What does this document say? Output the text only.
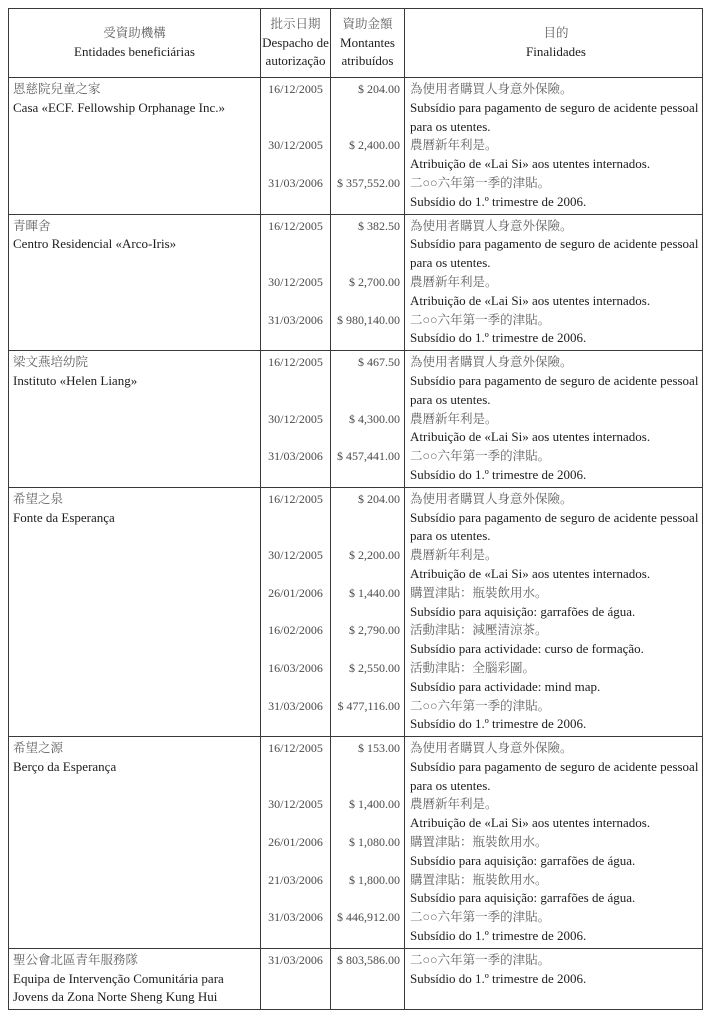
受資助機構
Entidades beneficiárias
批示日期
Despacho de
autorização
資助金額
Montantes
atribuídos
目的
Finalidades
恩慈院兒童之家
Casa «ECF. Fellowship Orphanage Inc.»
16/12/2005
30/12/2005
31/03/2006
$ 204.00
$ 2,400.00
$ 357,552.00
為使用者購買人身意外保險。
Subsídio para pagamento de seguro de acidente pessoal
para os utentes.
農曆新年利是。
Atribuição de «Lai Si» aos utentes internados.
二○○六年第一季的津貼。
Subsídio do 1.º trimestre de 2006.
青暉舍
Centro Residencial «Arco-Iris»
16/12/2005
30/12/2005
31/03/2006
$ 382.50
$ 2,700.00
$ 980,140.00
為使用者購買人身意外保險。
Subsídio para pagamento de seguro de acidente pessoal
para os utentes.
農曆新年利是。
Atribuição de «Lai Si» aos utentes internados.
二○○六年第一季的津貼。
Subsídio do 1.º trimestre de 2006.
梁文燕培幼院
Instituto «Helen Liang»
16/12/2005
30/12/2005
31/03/2006
$ 467.50
$ 4,300.00
$ 457,441.00
為使用者購買人身意外保險。
Subsídio para pagamento de seguro de acidente pessoal
para os utentes.
農曆新年利是。
Atribuição de «Lai Si» aos utentes internados.
二○○六年第一季的津貼。
Subsídio do 1.º trimestre de 2006.
希望之泉
Fonte da Esperança
16/12/2005
30/12/2005
26/01/2006
16/02/2006
16/03/2006
31/03/2006
$ 204.00
$ 2,200.00
$ 1,440.00
$ 2,790.00
$ 2,550.00
$ 477,116.00
為使用者購買人身意外保險。
Subsídio para pagamento de seguro de acidente pessoal
para os utentes.
農曆新年利是。
Atribuição de «Lai Si» aos utentes internados.
購置津貼：瓶裝飲用水。
Subsídio para aquisição: garrafões de água.
活動津貼：減壓清涼茶。
Subsídio para actividade: curso de formação.
活動津貼：全腦彩圖。
Subsídio para actividade: mind map.
二○○六年第一季的津貼。
Subsídio do 1.º trimestre de 2006.
希望之源
Berço da Esperança
16/12/2005
30/12/2005
26/01/2006
21/03/2006
31/03/2006
$ 153.00
$ 1,400.00
$ 1,080.00
$ 1,800.00
$ 446,912.00
為使用者購買人身意外保險。
Subsídio para pagamento de seguro de acidente pessoal
para os utentes.
農曆新年利是。
Atribuição de «Lai Si» aos utentes internados.
購置津貼：瓶裝飲用水。
Subsídio para aquisição: garrafões de água.
購置津貼：瓶裝飲用水。
Subsídio para aquisição: garrafões de água.
二○○六年第一季的津貼。
Subsídio do 1.º trimestre de 2006.
聖公會北區青年服務隊
Equipa de Intervenção Comunitária para
Jovens da Zona Norte Sheng Kung Hui
31/03/2006	$ 803,586.00 二○○六年第一季的津貼。
Subsídio do 1.º trimestre de 2006.
